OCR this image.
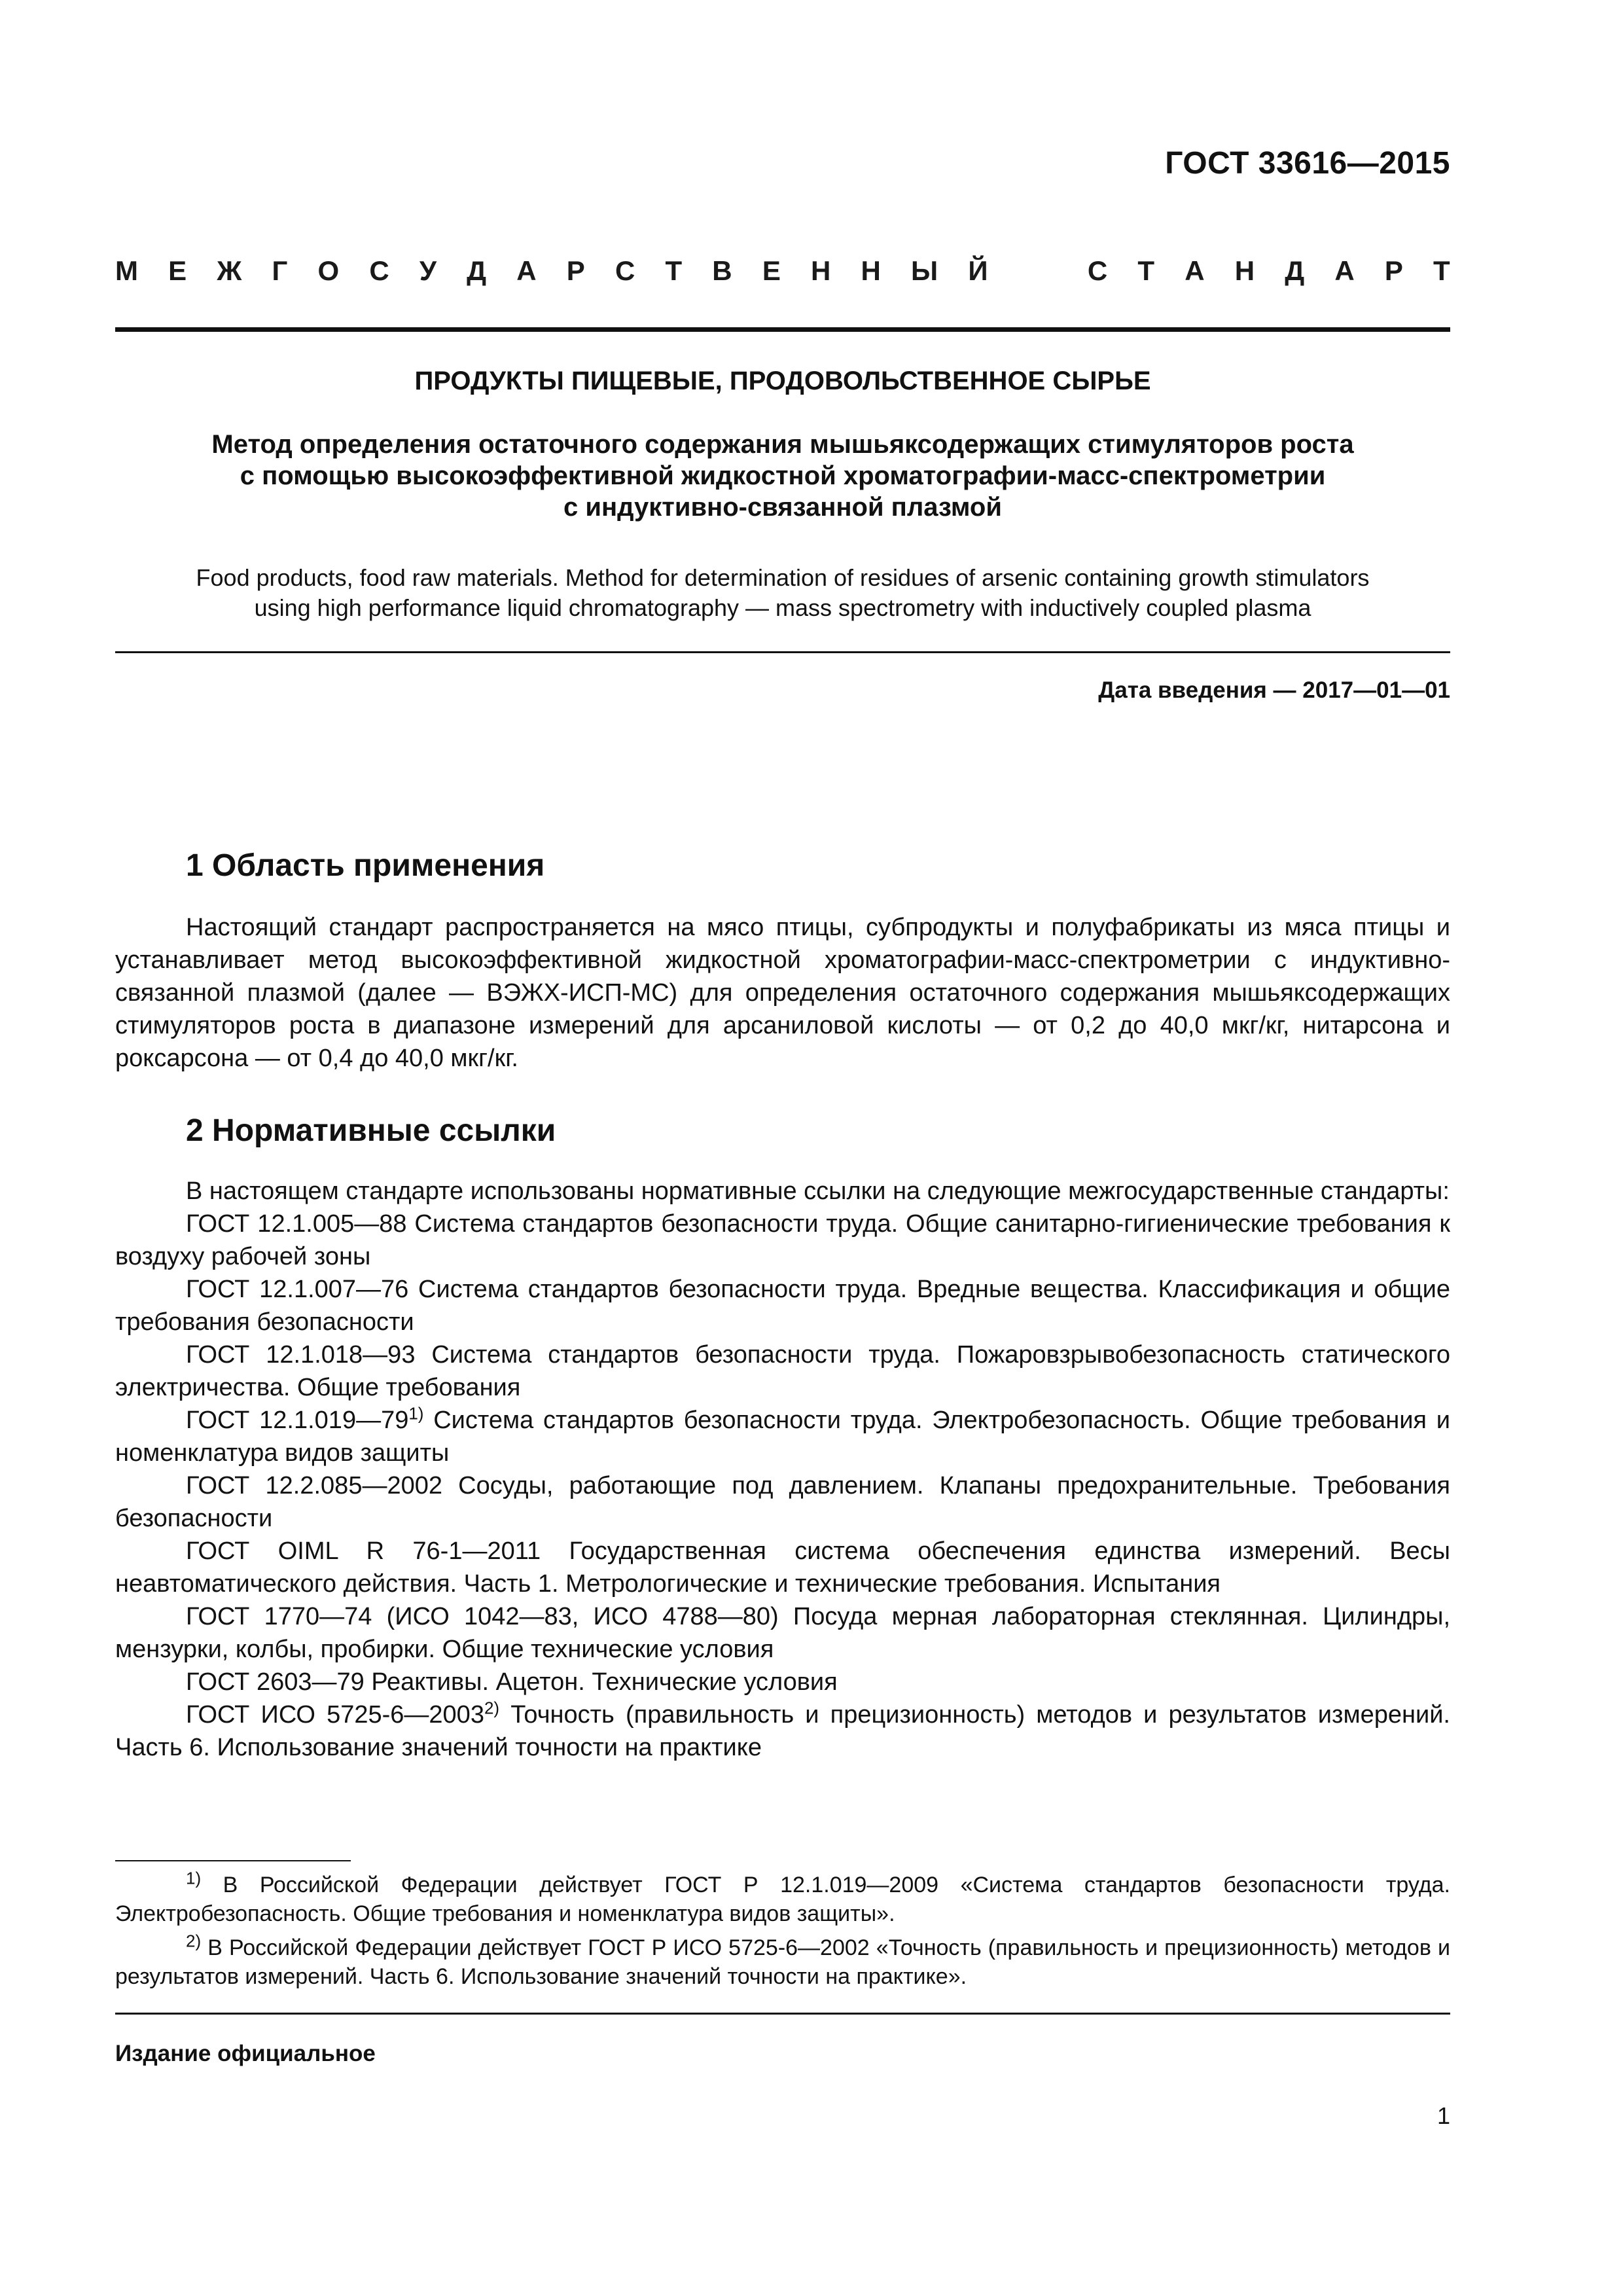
ГОСТ 33616—2015
М Е Ж Г О С У Д А Р С Т В Е Н Н Ы Й	С Т А Н Д А Р Т
ПРОДУКТЫ ПИЩЕВЫЕ, ПРОДОВОЛЬСТВЕННОЕ СЫРЬЕ
Метод определения остаточного содержания мышьяксодержащих стимуляторов роста
с помощью высокоэффективной жидкостной хроматографии-масс-спектрометрии
с индуктивно-связанной плазмой
Food products, food raw materials. Method for determination of residues of arsenic containing growth stimulators
using high performance liquid chromatography — mass spectrometry with inductively coupled plasma
Дата введения — 2017—01—01
1 Область применения

Настоящий стандарт распространяется на мясо птицы, субпродукты и полуфабрикаты из мяса птицы и устанавливает метод высокоэффективной жидкостной хроматографии-масс-спектрометрии с индуктивно-связанной плазмой (далее — ВЭЖХ-ИСП-МС) для определения остаточного содержания мышьяксодержащих стимуляторов роста в диапазоне измерений для арсаниловой кислоты — от 0,2 до 40,0 мкг/кг, нитарсона и роксарсона — от 0,4 до 40,0 мкг/кг.

2 Нормативные ссылки

В настоящем стандарте использованы нормативные ссылки на следующие межгосударственные стандарты:

ГОСТ 12.1.005—88 Система стандартов безопасности труда. Общие санитарно-гигиенические требования к воздуху рабочей зоны

ГОСТ 12.1.007—76 Система стандартов безопасности труда. Вредные вещества. Классификация и общие требования безопасности

ГОСТ 12.1.018—93 Система стандартов безопасности труда. Пожаровзрывобезопасность статического электричества. Общие требования

ГОСТ 12.1.019—79$^{1)}$ Система стандартов безопасности труда. Электробезопасность. Общие требования и номенклатура видов защиты

ГОСТ 12.2.085—2002 Сосуды, работающие под давлением. Клапаны предохранительные. Требования безопасности

ГОСТ OIML R 76-1—2011 Государственная система обеспечения единства измерений. Весы неавтоматического действия. Часть 1. Метрологические и технические требования. Испытания

ГОСТ 1770—74 (ИСО 1042—83, ИСО 4788—80) Посуда мерная лабораторная стеклянная. Цилиндры, мензурки, колбы, пробирки. Общие технические условия

ГОСТ 2603—79 Реактивы. Ацетон. Технические условия

ГОСТ ИСО 5725-6—2003$^{2)}$ Точность (правильность и прецизионность) методов и результатов измерений. Часть 6. Использование значений точности на практике

$^{1)}$ В Российской Федерации действует ГОСТ Р 12.1.019—2009 «Система стандартов безопасности труда. Электробезопасность. Общие требования и номенклатура видов защиты».

$^{2)}$ В Российской Федерации действует ГОСТ Р ИСО 5725-6—2002 «Точность (правильность и прецизионность) методов и результатов измерений. Часть 6. Использование значений точности на практике».

Издание официальное
1
